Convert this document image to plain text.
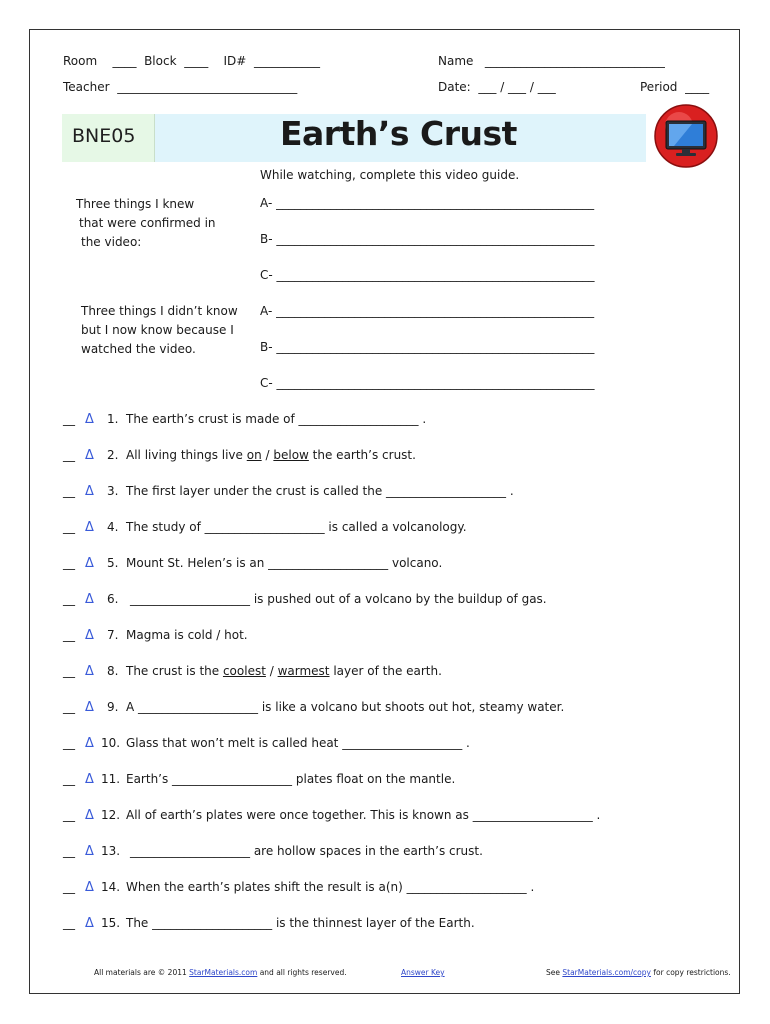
Room ____ Block ____ ID# ___________	Name ______________________________
Teacher ______________________________	Date: ___ / ___ / ___	Period ____
BNE05	Earth’s Crust
While watching, complete this video guide.
Three things I knew
that were confirmed in
the video:
A- _____________________________________________________
B- _____________________________________________________
C- _____________________________________________________
Three things I didn’t know
but I now know because I
watched the video.
A- _____________________________________________________
B- _____________________________________________________
C- _____________________________________________________
__ Δ 1. The earth’s crust is made of ____________________ .
__ Δ 2. All living things live on / below the earth’s crust.
__ Δ 3. The first layer under the crust is called the ____________________ .
__ Δ 4. The study of ____________________ is called a volcanology.
__ Δ 5. Mount St. Helen’s is an ____________________ volcano.
__ Δ 6. ____________________ is pushed out of a volcano by the buildup of gas.
__ Δ 7. Magma is cold / hot.
__ Δ 8. The crust is the coolest / warmest layer of the earth.
__ Δ 9. A ____________________ is like a volcano but shoots out hot, steamy water.
__ Δ 10. Glass that won’t melt is called heat ____________________ .
__ Δ 11. Earth’s ____________________ plates float on the mantle.
__ Δ 12. All of earth’s plates were once together. This is known as ____________________ .
__ Δ 13. ____________________ are hollow spaces in the earth’s crust.
__ Δ 14. When the earth’s plates shift the result is a(n) ____________________ .
__ Δ 15. The ____________________ is the thinnest layer of the Earth.
All materials are © 2011 StarMaterials.com and all rights reserved.	Answer Key	See StarMaterials.com/copy for copy restrictions.
